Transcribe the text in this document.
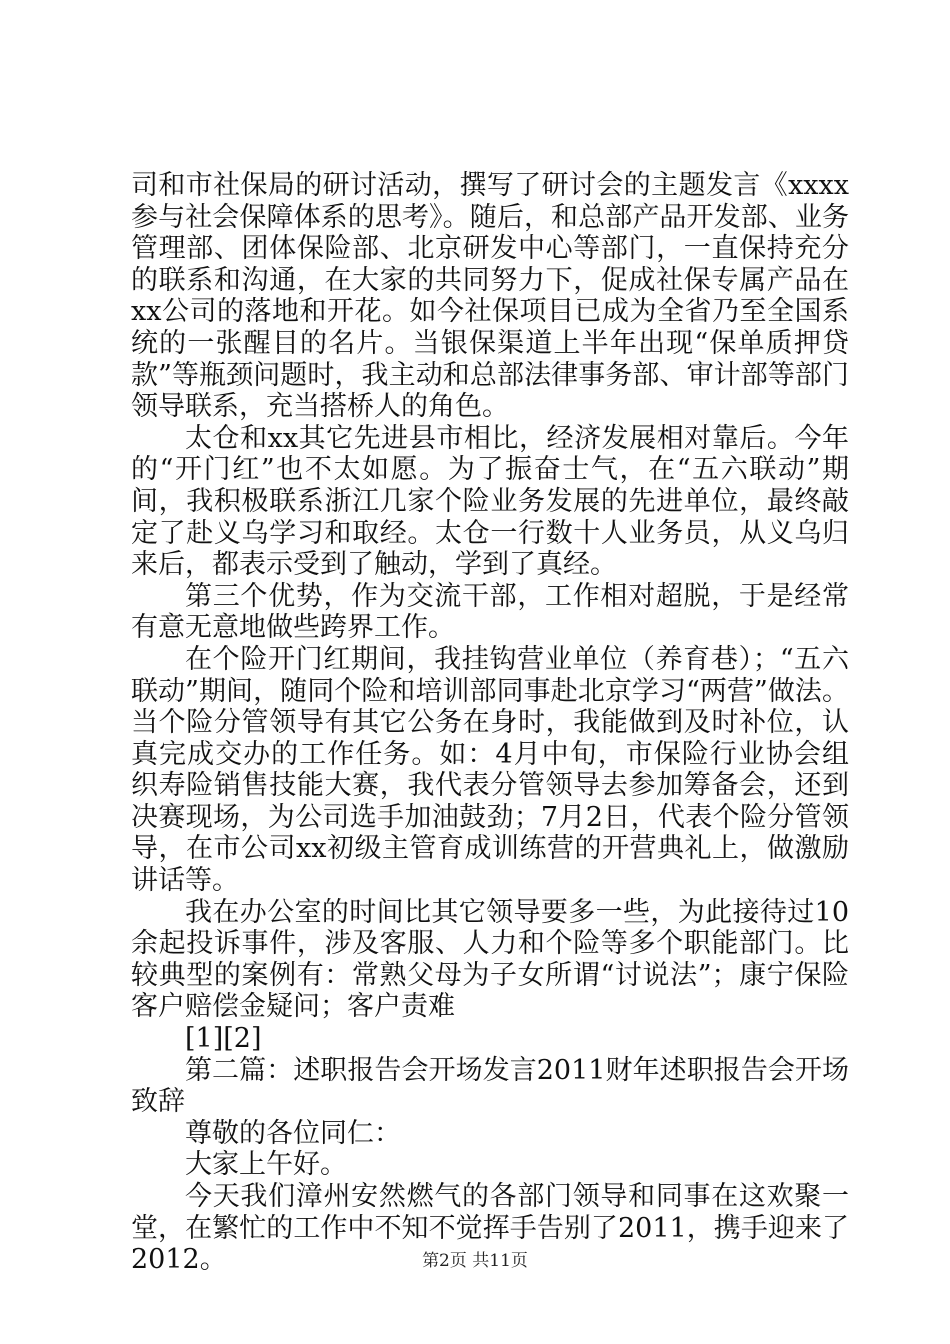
司和市社保局的研讨活动，撰写了研讨会的主题发言《xxxx参与社会保障体系的思考》。随后，和总部产品开发部、业务管理部、团体保险部、北京研发中心等部门，一直保持充分的联系和沟通，在大家的共同努力下，促成社保专属产品在xx公司的落地和开花。如今社保项目已成为全省乃至全国系统的一张醒目的名片。当银保渠道上半年出现“保单质押贷款”等瓶颈问题时，我主动和总部法律事务部、审计部等部门领导联系，充当搭桥人的角色。

太仓和xx其它先进县市相比，经济发展相对靠后。今年的“开门红”也不太如愿。为了振奋士气，在“五六联动”期间，我积极联系浙江几家个险业务发展的先进单位，最终敲定了赴义乌学习和取经。太仓一行数十人业务员，从义乌归来后，都表示受到了触动，学到了真经。

第三个优势，作为交流干部，工作相对超脱，于是经常有意无意地做些跨界工作。

在个险开门红期间，我挂钩营业单位（养育巷）；“五六联动”期间，随同个险和培训部同事赴北京学习“两营”做法。当个险分管领导有其它公务在身时，我能做到及时补位，认真完成交办的工作任务。如：4月中旬，市保险行业协会组织寿险销售技能大赛，我代表分管领导去参加筹备会，还到决赛现场，为公司选手加油鼓劲；7月2日，代表个险分管领导，在市公司xx初级主管育成训练营的开营典礼上，做激励讲话等。

我在办公室的时间比其它领导要多一些，为此接待过10余起投诉事件，涉及客服、人力和个险等多个职能部门。比较典型的案例有：常熟父母为子女所谓“讨说法”；康宁保险客户赔偿金疑问；客户责难

[1][2]

第二篇：述职报告会开场发言2011财年述职报告会开场致辞

尊敬的各位同仁：

大家上午好。

今天我们漳州安然燃气的各部门领导和同事在这欢聚一堂，在繁忙的工作中不知不觉挥手告别了2011，携手迎来了2012。	第2页 共11页
